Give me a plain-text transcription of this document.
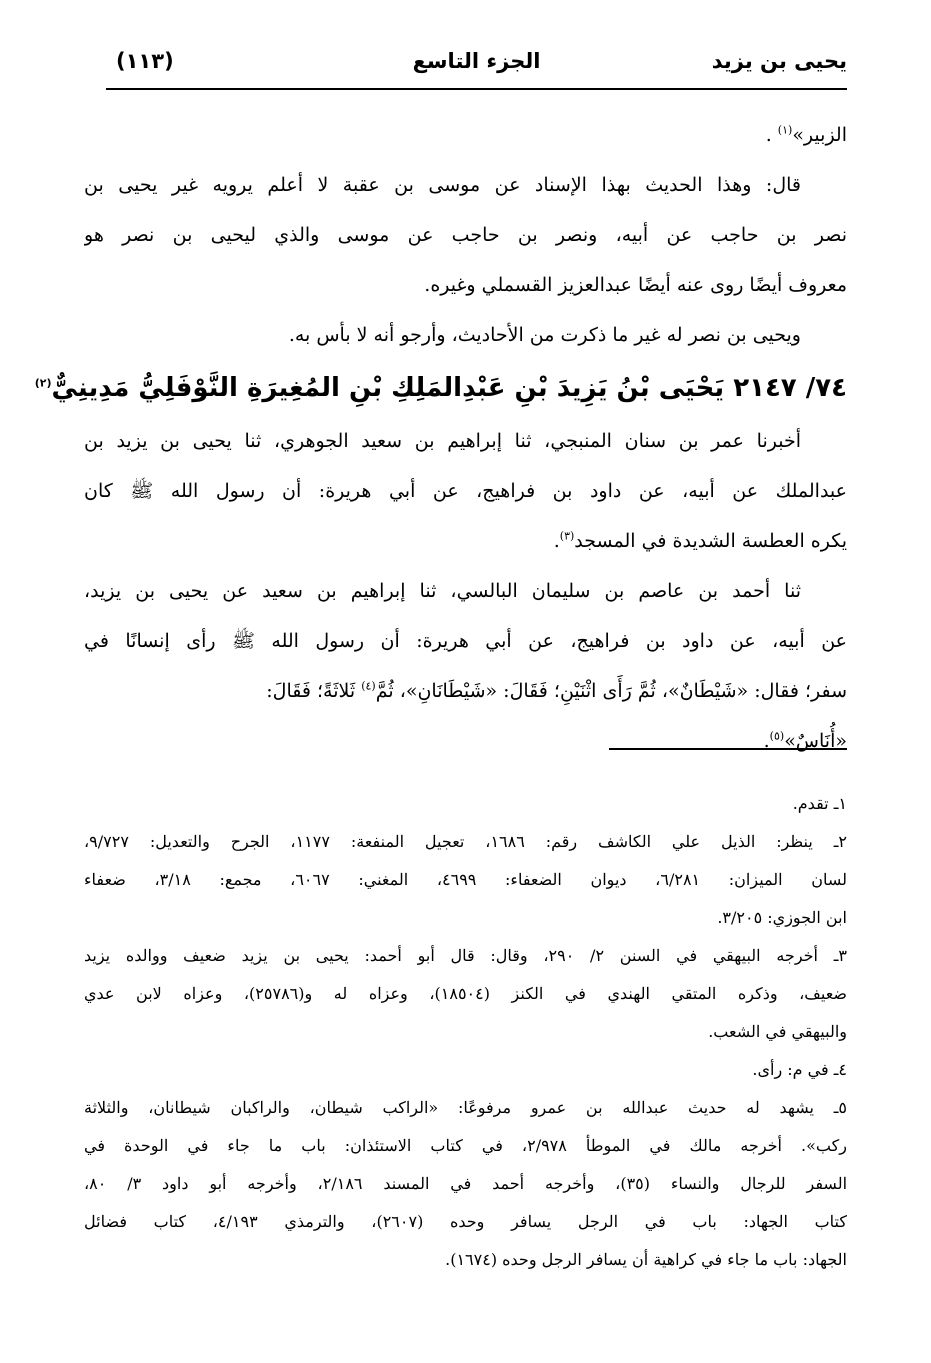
يحيى بن يزيد
الجزء التاسع
(١١٣)
الزبير»$^{(١)}$ .
قال: وهذا الحديث بهذا الإسناد عن موسى بن عقبة لا أعلم يرويه غير يحيى بن
نصر بن حاجب عن أبيه، ونصر بن حاجب عن موسى والذي ليحيى بن نصر هو
معروف أيضًا روى عنه أيضًا عبدالعزيز القسملي وغيره.
ويحيى بن نصر له غير ما ذكرت من الأحاديث، وأرجو أنه لا بأس به.
٧٤/ ٢١٤٧ يَحْيَى بْنُ يَزِيدَ بْنِ عَبْدِالمَلِكِ بْنِ المُغِيرَةِ النَّوْفَلِيُّ مَدِينِيٌّ$^{(٢)}$
أخبرنا عمر بن سنان المنبجي، ثنا إبراهيم بن سعيد الجوهري، ثنا يحيى بن يزيد بن
عبدالملك عن أبيه، عن داود بن فراهيج، عن أبي هريرة: أن رسول الله ﷺ كان
يكره العطسة الشديدة في المسجد$^{(٣)}$.
ثنا أحمد بن عاصم بن سليمان البالسي، ثنا إبراهيم بن سعيد عن يحيى بن يزيد،
عن أبيه، عن داود بن فراهيج، عن أبي هريرة: أن رسول الله ﷺ رأى إنسانًا في
سفر؛ فقال: «شَيْطَانٌ»، ثُمَّ رَأَى اثْنَيْنِ؛ فَقَالَ: «شَيْطَانَانِ»، ثُمَّ$^{(٤)}$ ثَلاثَةً؛ فَقَالَ:
«أُنَاسٌ»$^{(٥)}$.
١ـ تقدم.
٢ـ ينظر: الذيل علي الكاشف رقم: ١٦٨٦، تعجيل المنفعة: ١١٧٧، الجرح والتعديل: ٩/٧٢٧،
لسان الميزان: ٦/٢٨١، ديوان الضعفاء: ٤٦٩٩، المغني: ٦٠٦٧، مجمع: ٣/١٨، ضعفاء
ابن الجوزي: ٣/٢٠٥.
٣ـ أخرجه البيهقي في السنن ٢/ ٢٩٠، وقال: قال أبو أحمد: يحيى بن يزيد ضعيف ووالده يزيد
ضعيف، وذكره المتقي الهندي في الكنز (١٨٥٠٤)، وعزاه له و(٢٥٧٨٦)، وعزاه لابن عدي
والبيهقي في الشعب.
٤ـ في م: رأى.
٥ـ يشهد له حديث عبدالله بن عمرو مرفوعًا: «الراكب شيطان، والراكبان شيطانان، والثلاثة
ركب». أخرجه مالك في الموطأ ٢/٩٧٨، في كتاب الاستئذان: باب ما جاء في الوحدة في
السفر للرجال والنساء (٣٥)، وأخرجه أحمد في المسند ٢/١٨٦، وأخرجه أبو داود ٣/ ٨٠،
كتاب الجهاد: باب في الرجل يسافر وحده (٢٦٠٧)، والترمذي ٤/١٩٣، كتاب فضائل
الجهاد: باب ما جاء في كراهية أن يسافر الرجل وحده (١٦٧٤).
